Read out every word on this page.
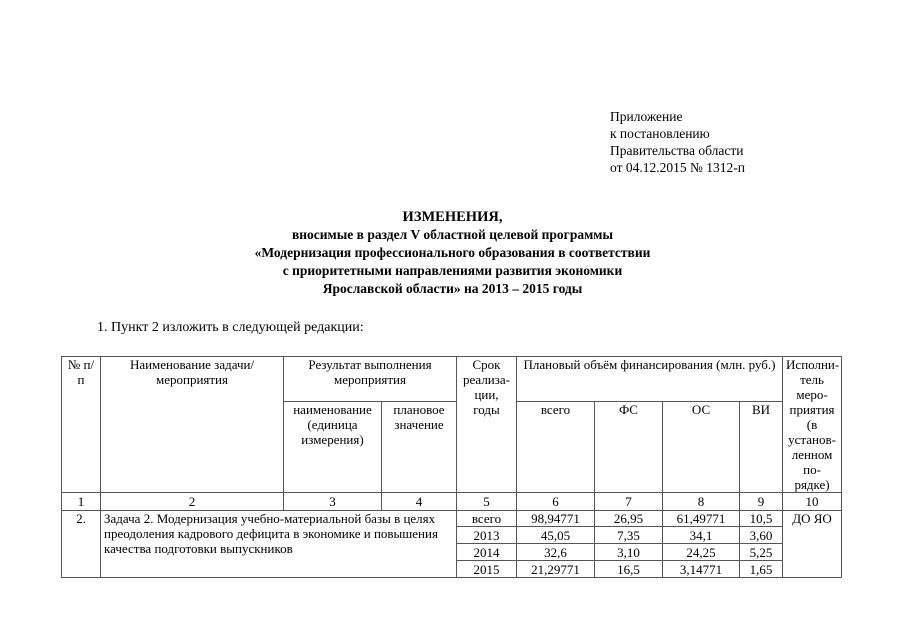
Приложение
к постановлению
Правительства области
от 04.12.2015 № 1312-п
ИЗМЕНЕНИЯ,
вносимые в раздел V областной целевой программы
«Модернизация профессионального образования в соответствии
с приоритетными направлениями развития экономики
Ярославской области» на 2013 – 2015 годы
1. Пункт 2 изложить в следующей редакции:
№ п/п	Наименование задачи/мероприятия	Результат выполнения мероприятия		Срок реализа-ции, годы	Плановый объём финансирования (млн. руб.)				Исполни-тель меро-приятия (в установ-ленном по-рядке)
		наименование (единица измерения)	плановое значение		всего	ФС	ОС	ВИ	
1	2	3	4	5	6	7	8	9	10
2.	Задача 2. Модернизация учебно-материальной базы в целях преодоления кадрового дефицита в экономике и повышения качества подготовки выпускников			всего	98,94771	26,95	61,49771	10,5	ДО ЯО
				2013	45,05	7,35	34,1	3,60	
				2014	32,6	3,10	24,25	5,25	
				2015	21,29771	16,5	3,14771	1,65	
